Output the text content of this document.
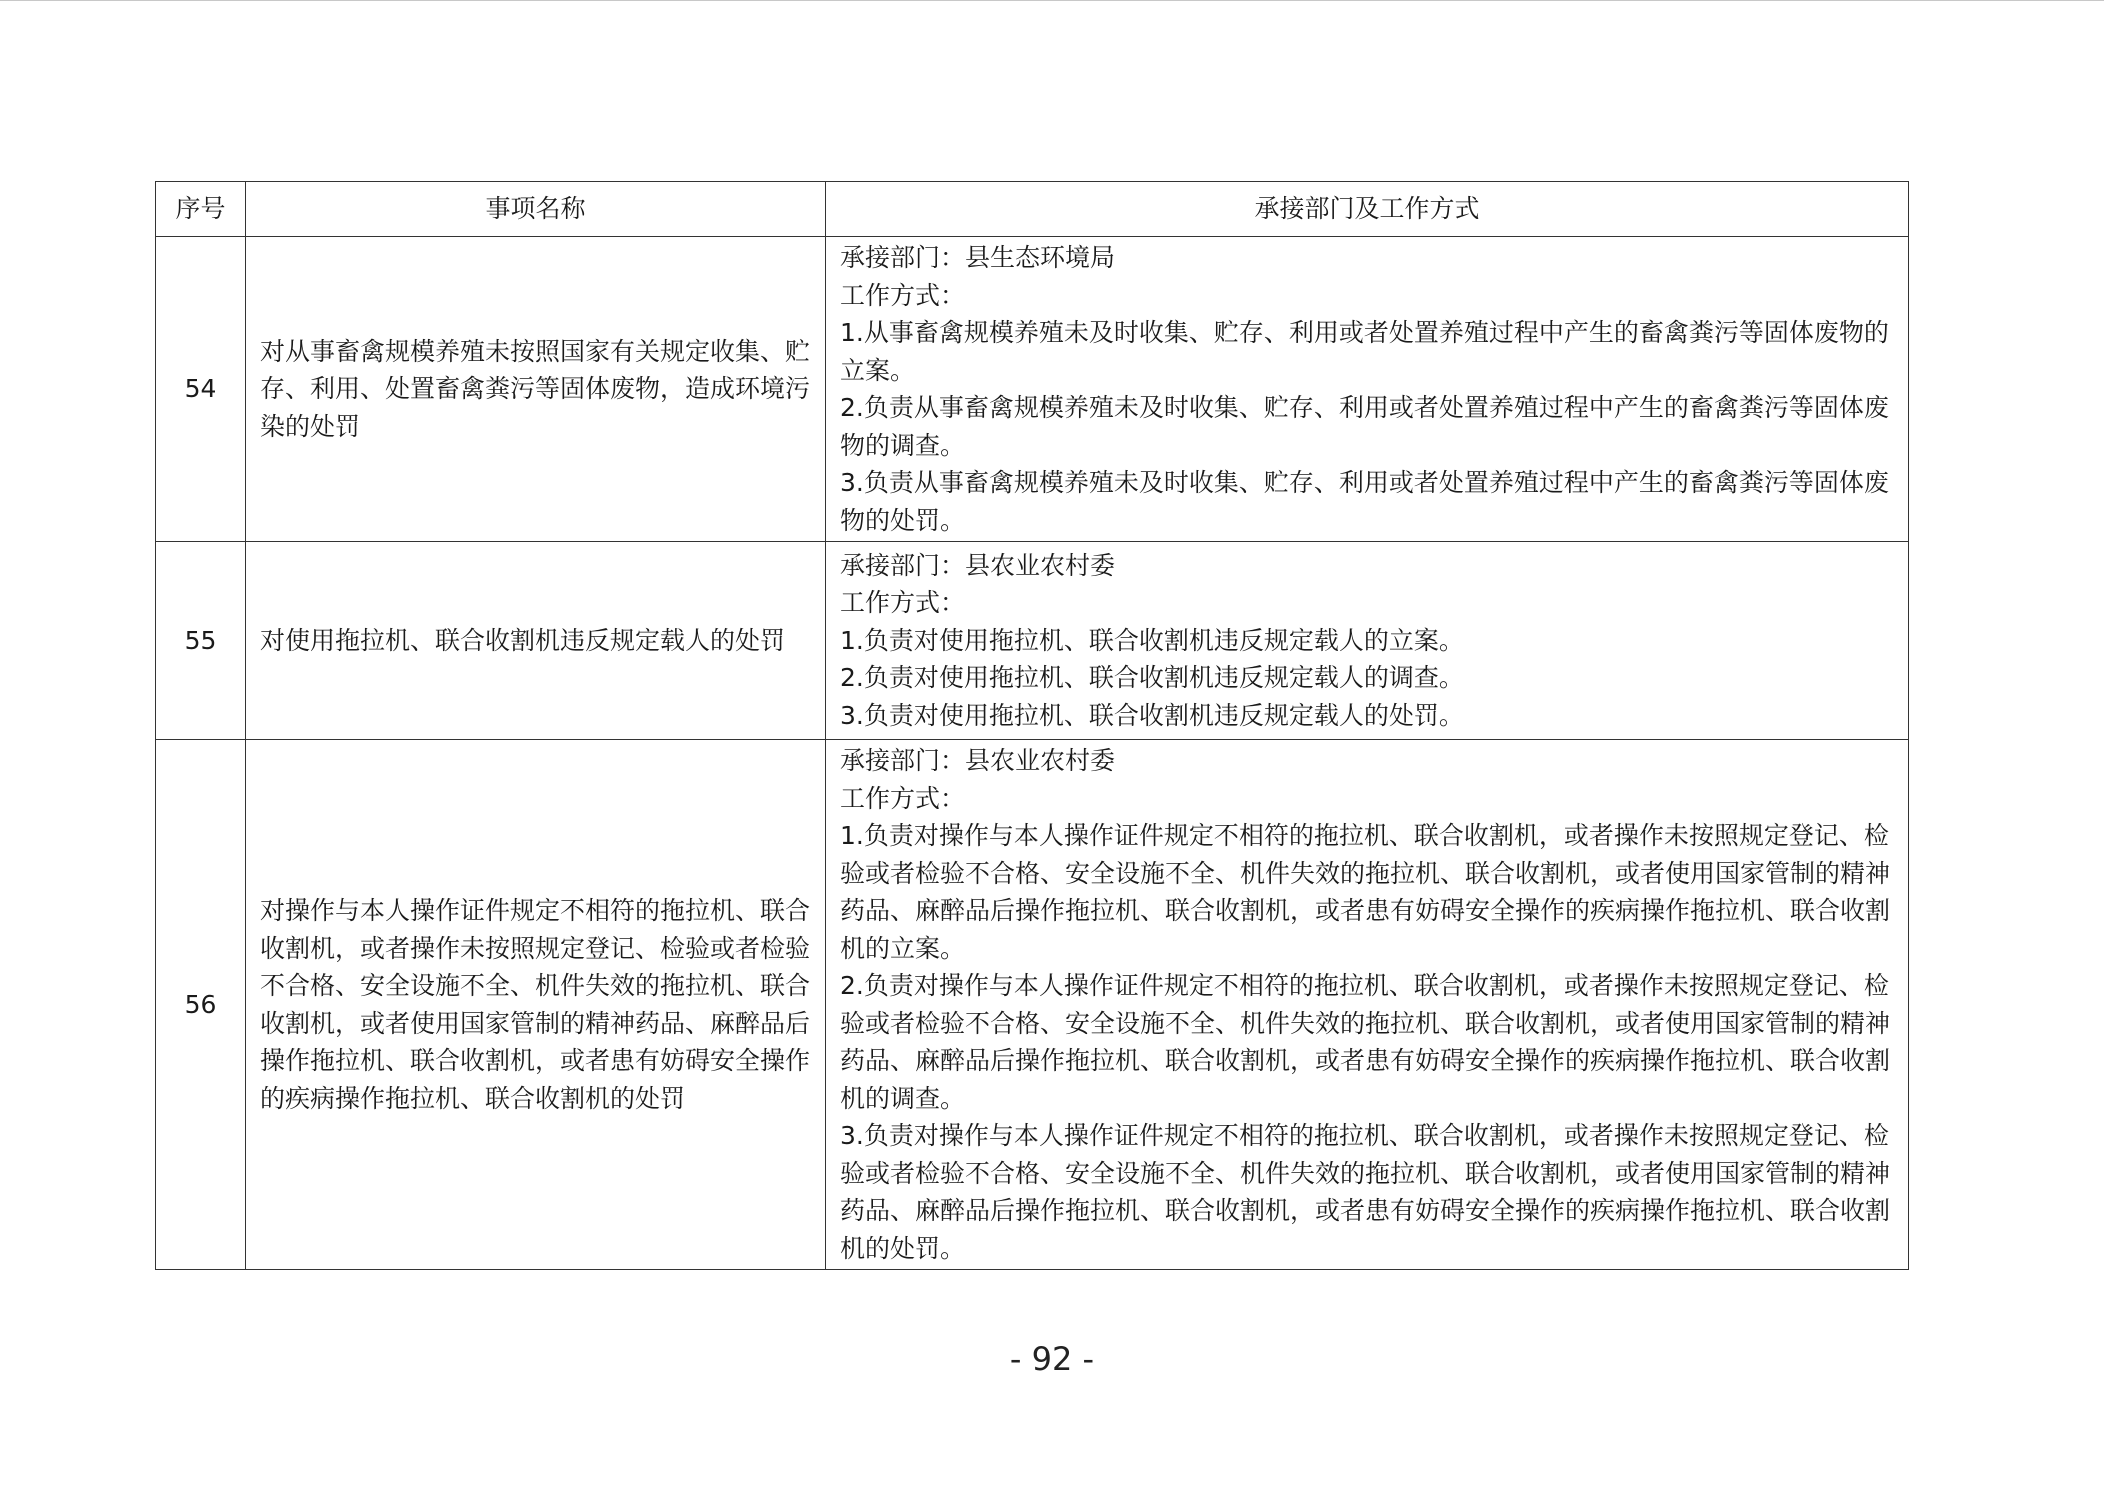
序号	事项名称	承接部门及工作方式
54	对从事畜禽规模养殖未按照国家有关规定收集、贮存、利用、处置畜禽粪污等固体废物，造成环境污染的处罚	承接部门：县生态环境局
工作方式：
1.从事畜禽规模养殖未及时收集、贮存、利用或者处置养殖过程中产生的畜禽粪污等固体废物的立案。
2.负责从事畜禽规模养殖未及时收集、贮存、利用或者处置养殖过程中产生的畜禽粪污等固体废物的调查。
3.负责从事畜禽规模养殖未及时收集、贮存、利用或者处置养殖过程中产生的畜禽粪污等固体废物的处罚。

55	对使用拖拉机、联合收割机违反规定载人的处罚	承接部门：县农业农村委
工作方式：
1.负责对使用拖拉机、联合收割机违反规定载人的立案。
2.负责对使用拖拉机、联合收割机违反规定载人的调查。
3.负责对使用拖拉机、联合收割机违反规定载人的处罚。

56	对操作与本人操作证件规定不相符的拖拉机、联合收割机，或者操作未按照规定登记、检验或者检验不合格、安全设施不全、机件失效的拖拉机、联合收割机，或者使用国家管制的精神药品、麻醉品后操作拖拉机、联合收割机，或者患有妨碍安全操作的疾病操作拖拉机、联合收割机的处罚	承接部门：县农业农村委
工作方式：
1.负责对操作与本人操作证件规定不相符的拖拉机、联合收割机，或者操作未按照规定登记、检验或者检验不合格、安全设施不全、机件失效的拖拉机、联合收割机，或者使用国家管制的精神药品、麻醉品后操作拖拉机、联合收割机，或者患有妨碍安全操作的疾病操作拖拉机、联合收割机的立案。
2.负责对操作与本人操作证件规定不相符的拖拉机、联合收割机，或者操作未按照规定登记、检验或者检验不合格、安全设施不全、机件失效的拖拉机、联合收割机，或者使用国家管制的精神药品、麻醉品后操作拖拉机、联合收割机，或者患有妨碍安全操作的疾病操作拖拉机、联合收割机的调查。
3.负责对操作与本人操作证件规定不相符的拖拉机、联合收割机，或者操作未按照规定登记、检验或者检验不合格、安全设施不全、机件失效的拖拉机、联合收割机，或者使用国家管制的精神药品、麻醉品后操作拖拉机、联合收割机，或者患有妨碍安全操作的疾病操作拖拉机、联合收割机的处罚。
- 92 -
